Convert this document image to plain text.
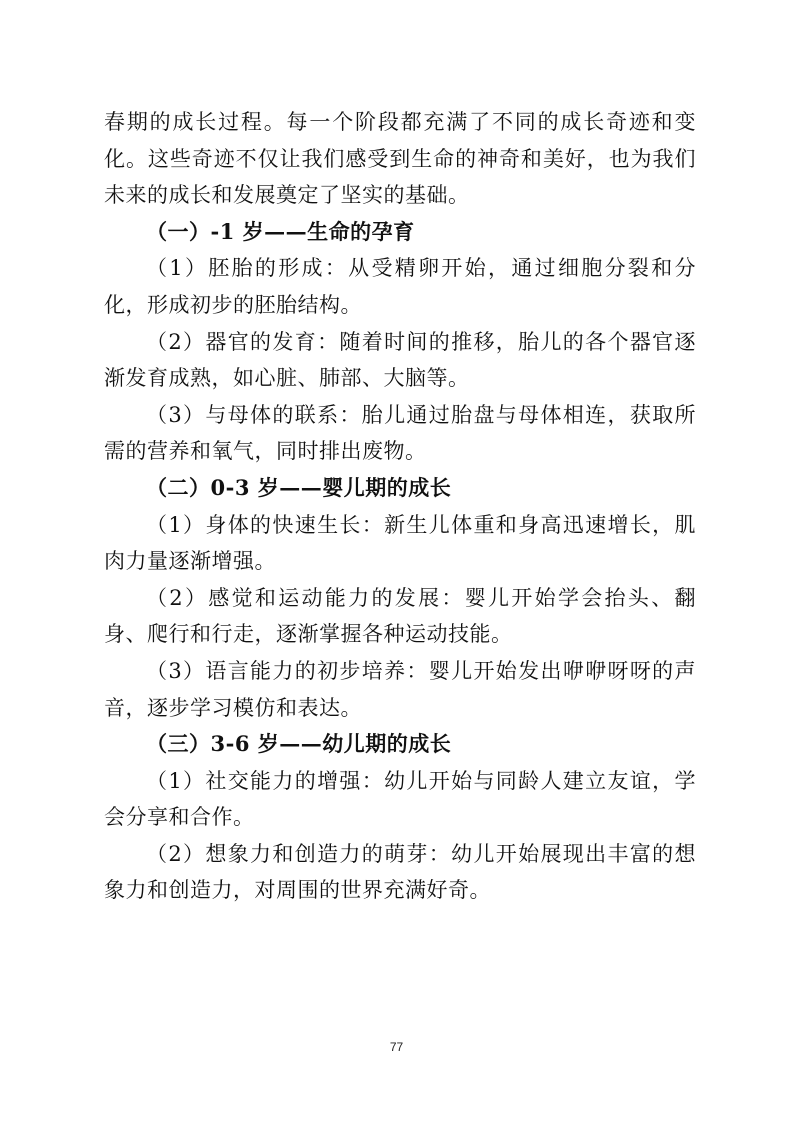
春期的成长过程。每一个阶段都充满了不同的成长奇迹和变化。这些奇迹不仅让我们感受到生命的神奇和美好，也为我们未来的成长和发展奠定了坚实的基础。

（一）-1 岁——生命的孕育

（1）胚胎的形成：从受精卵开始，通过细胞分裂和分化，形成初步的胚胎结构。

（2）器官的发育：随着时间的推移，胎儿的各个器官逐渐发育成熟，如心脏、肺部、大脑等。

（3）与母体的联系：胎儿通过胎盘与母体相连，获取所需的营养和氧气，同时排出废物。

（二）0-3 岁——婴儿期的成长

（1）身体的快速生长：新生儿体重和身高迅速增长，肌肉力量逐渐增强。

（2）感觉和运动能力的发展：婴儿开始学会抬头、翻身、爬行和行走，逐渐掌握各种运动技能。

（3）语言能力的初步培养：婴儿开始发出咿咿呀呀的声音，逐步学习模仿和表达。

（三）3-6 岁——幼儿期的成长

（1）社交能力的增强：幼儿开始与同龄人建立友谊，学会分享和合作。

（2）想象力和创造力的萌芽：幼儿开始展现出丰富的想象力和创造力，对周围的世界充满好奇。

77
